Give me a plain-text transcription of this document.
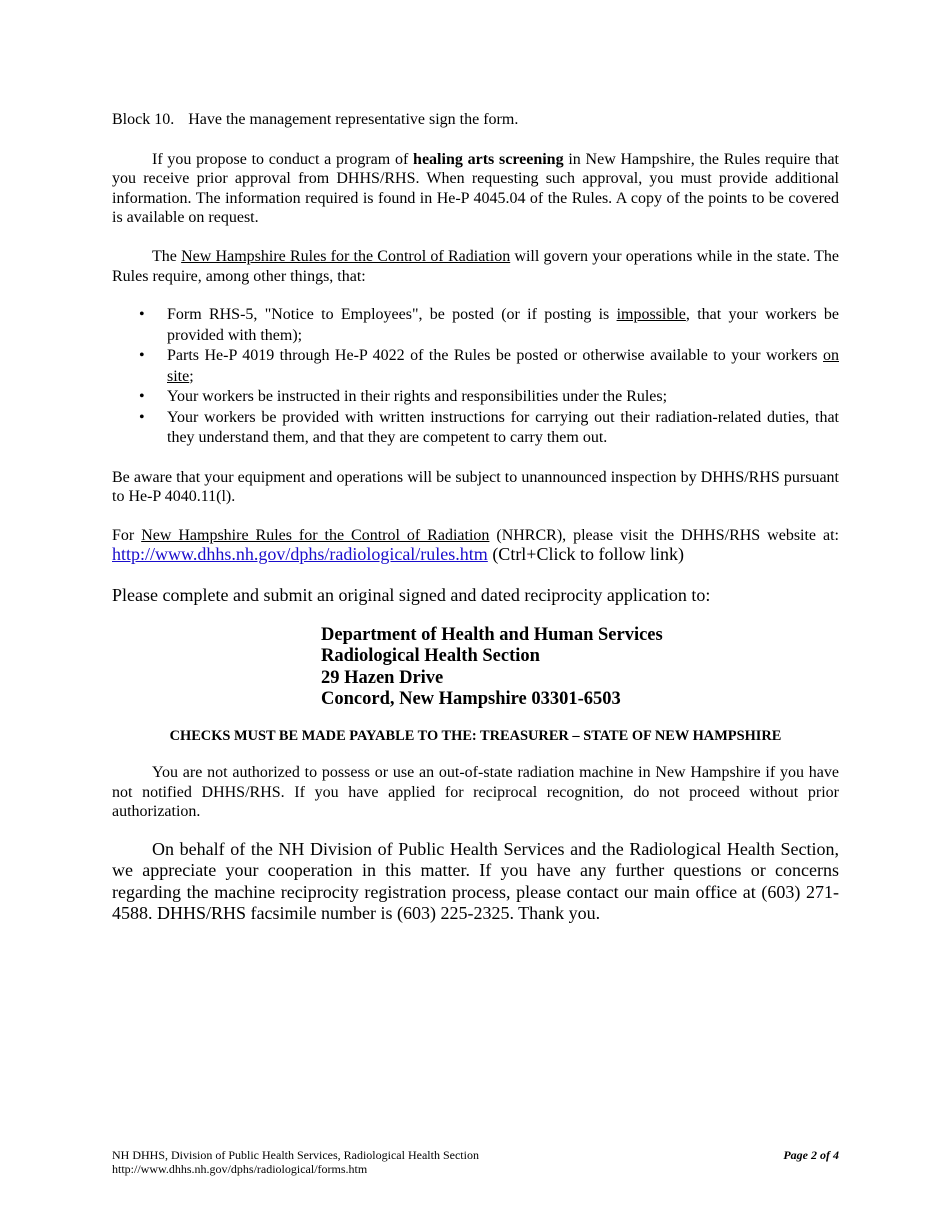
Block 10. Have the management representative sign the form.

If you propose to conduct a program of healing arts screening in New Hampshire, the Rules require that you receive prior approval from DHHS/RHS. When requesting such approval, you must provide additional information. The information required is found in He-P 4045.04 of the Rules. A copy of the points to be covered is available on request.

The New Hampshire Rules for the Control of Radiation will govern your operations while in the state. The Rules require, among other things, that:

• Form RHS-5, "Notice to Employees", be posted (or if posting is impossible, that your workers be provided with them);
• Parts He-P 4019 through He-P 4022 of the Rules be posted or otherwise available to your workers on site;
• Your workers be instructed in their rights and responsibilities under the Rules;
• Your workers be provided with written instructions for carrying out their radiation-related duties, that they understand them, and that they are competent to carry them out.

Be aware that your equipment and operations will be subject to unannounced inspection by DHHS/RHS pursuant to He-P 4040.11(l).

For New Hampshire Rules for the Control of Radiation (NHRCR), please visit the DHHS/RHS website at: http://www.dhhs.nh.gov/dphs/radiological/rules.htm (Ctrl+Click to follow link)

Please complete and submit an original signed and dated reciprocity application to:

Department of Health and Human Services
Radiological Health Section
29 Hazen Drive
Concord, New Hampshire 03301-6503

CHECKS MUST BE MADE PAYABLE TO THE: TREASURER – STATE OF NEW HAMPSHIRE

You are not authorized to possess or use an out-of-state radiation machine in New Hampshire if you have not notified DHHS/RHS. If you have applied for reciprocal recognition, do not proceed without prior authorization.

On behalf of the NH Division of Public Health Services and the Radiological Health Section, we appreciate your cooperation in this matter. If you have any further questions or concerns regarding the machine reciprocity registration process, please contact our main office at (603) 271-4588. DHHS/RHS facsimile number is (603) 225-2325. Thank you.

NH DHHS, Division of Public Health Services, Radiological Health Section
http://www.dhhs.nh.gov/dphs/radiological/forms.htm
Page 2 of 4
